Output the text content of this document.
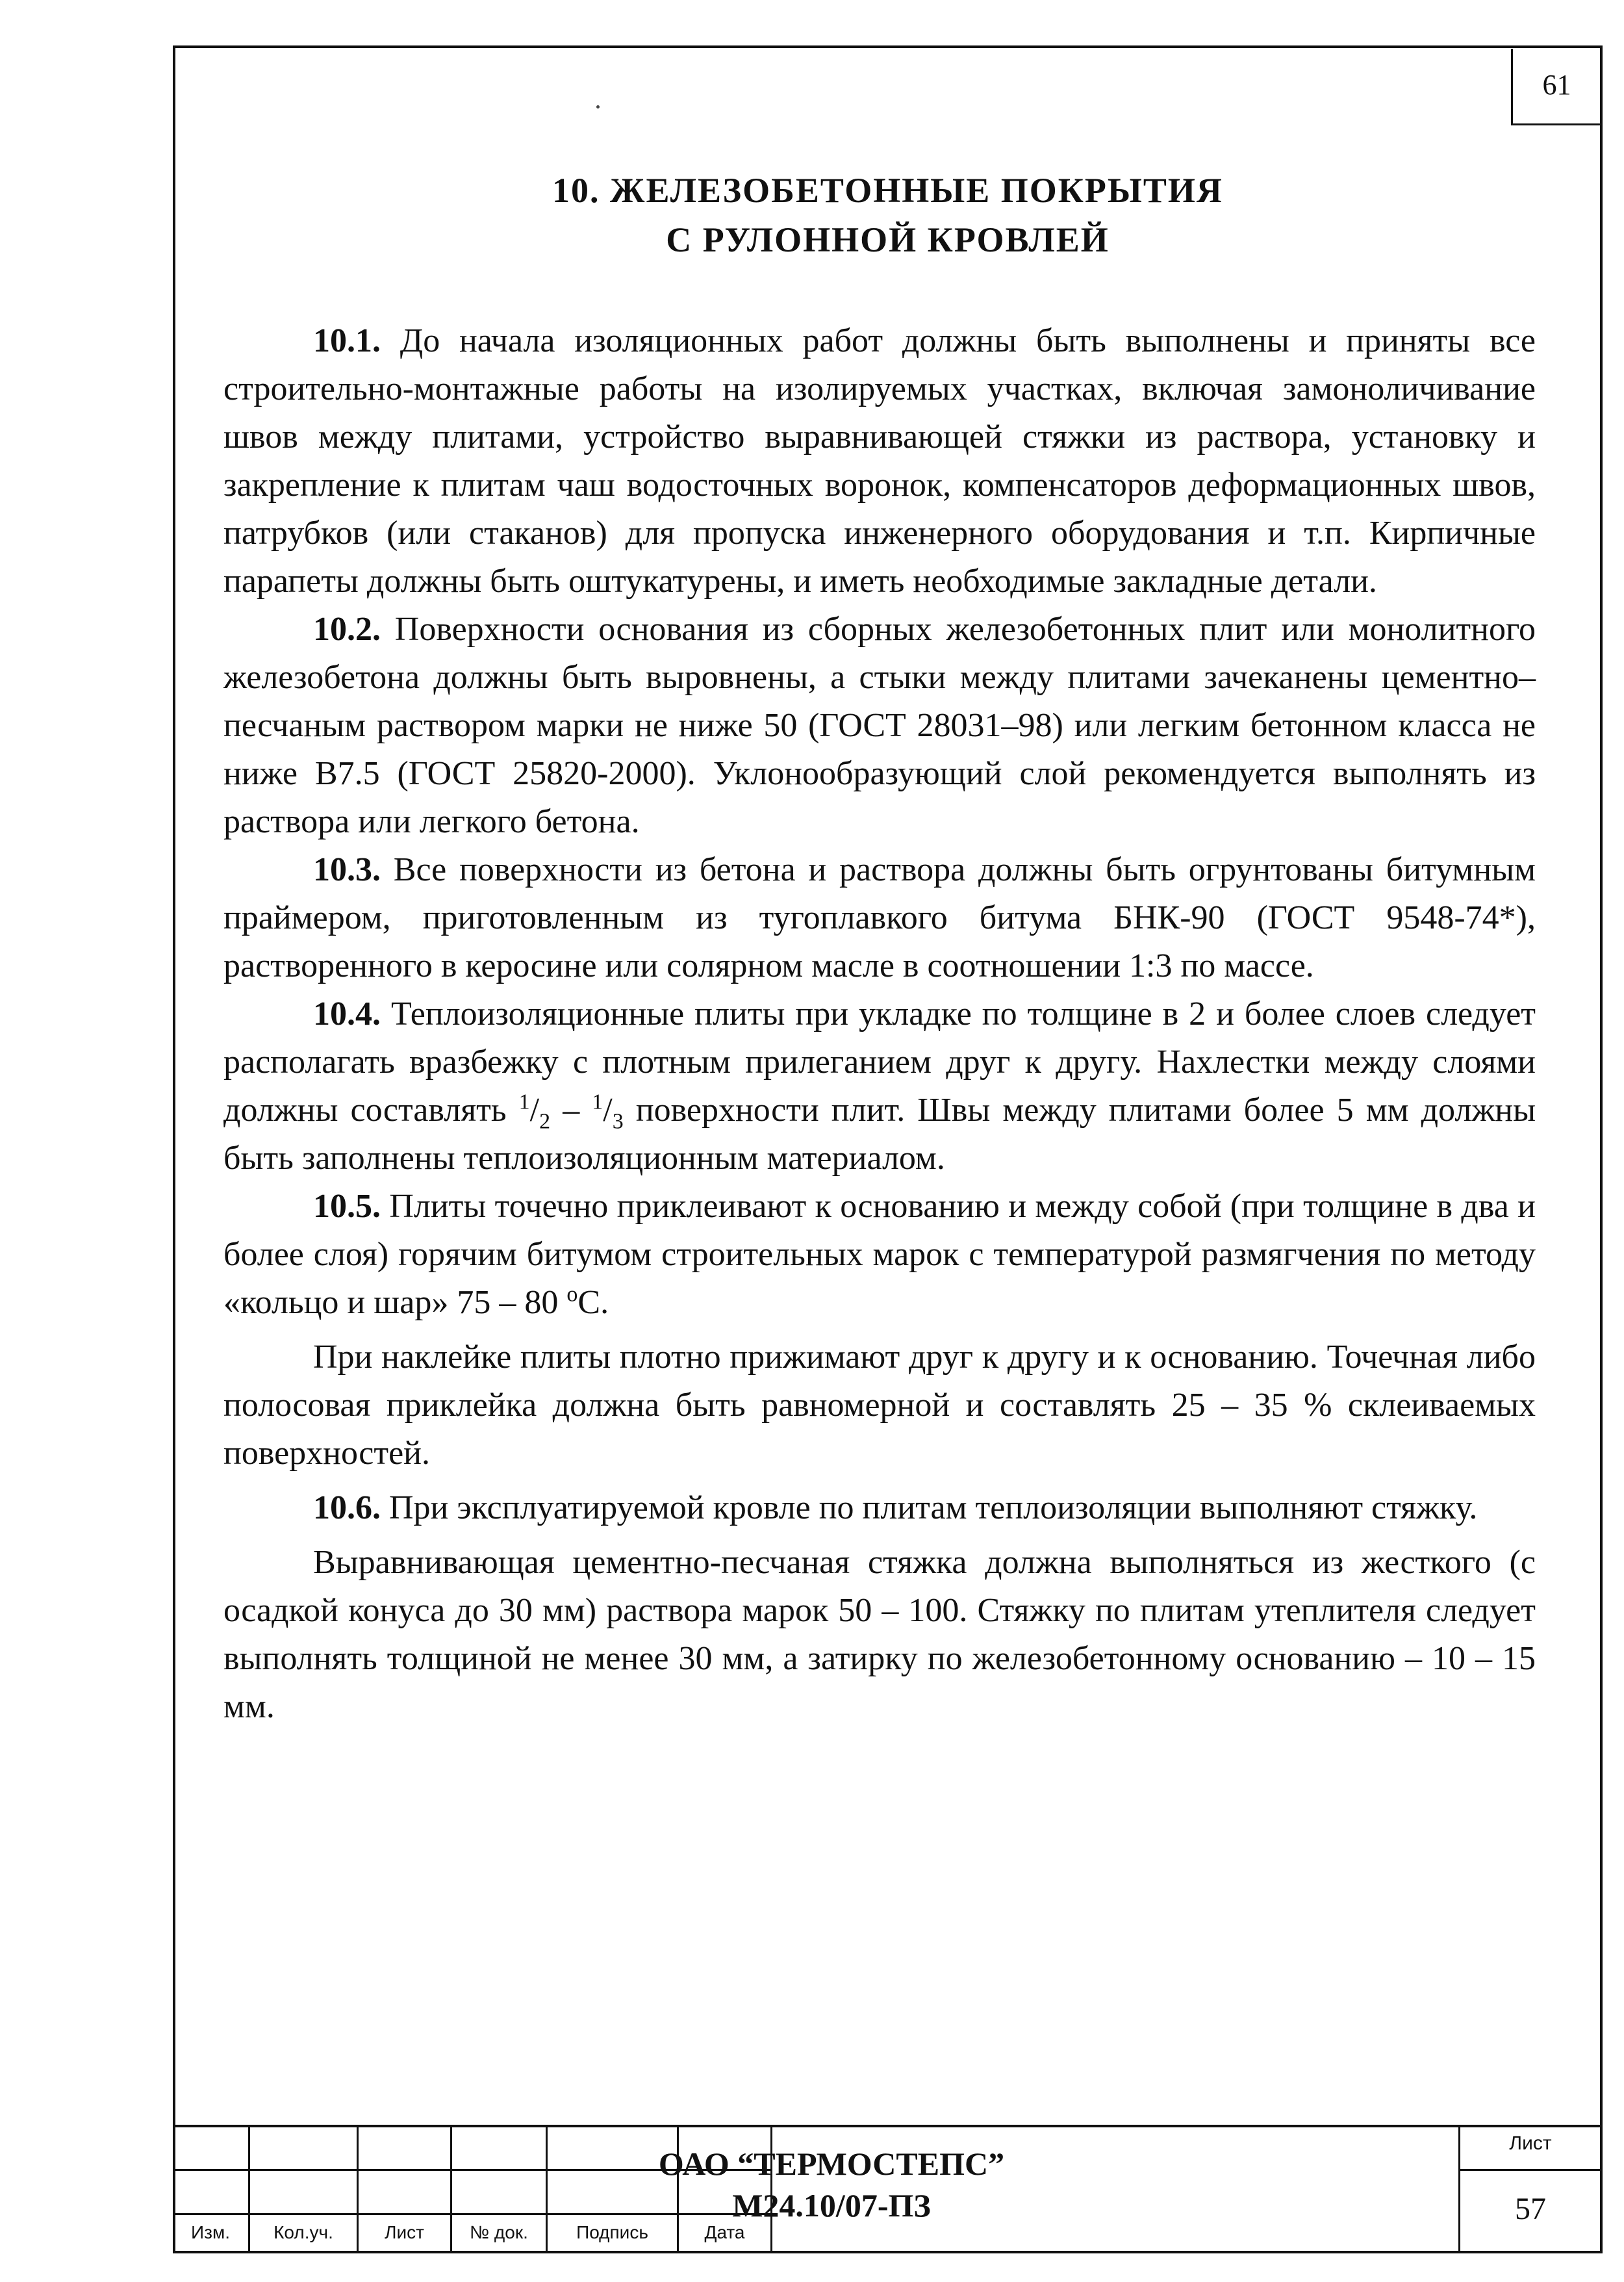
61
10. ЖЕЛЕЗОБЕТОННЫЕ ПОКРЫТИЯ
С РУЛОННОЙ КРОВЛЕЙ

10.1. До начала изоляционных работ должны быть выполнены и приняты все строительно-монтажные работы на изолируемых участках, включая замоноличивание швов между плитами, устройство выравнивающей стяжки из раствора, установку и закрепление к плитам чаш водосточных воронок, компенсаторов деформационных швов, патрубков (или стаканов) для пропуска инженерного оборудования и т.п. Кирпичные парапеты должны быть оштукатурены, и иметь необходимые закладные детали.

10.2. Поверхности основания из сборных железобетонных плит или монолитного железобетона должны быть выровнены, а стыки между плитами зачеканены цементно–песчаным раствором марки не ниже 50 (ГОСТ 28031–98) или легким бетонном класса не ниже В7.5 (ГОСТ 25820-2000). Уклонообразующий слой рекомендуется выполнять из раствора или легкого бетона.

10.3. Все поверхности из бетона и раствора должны быть огрунтованы битумным праймером, приготовленным из тугоплавкого битума БНК-90 (ГОСТ 9548-74*), растворенного в керосине или солярном масле в соотношении 1:3 по массе.

10.4. Теплоизоляционные плиты при укладке по толщине в 2 и более слоев следует располагать вразбежку с плотным прилеганием друг к другу. Нахлестки между слоями должны составлять $^1/_2 - ^1/_3$ поверхности плит. Швы между плитами более 5 мм должны быть заполнены теплоизоляционным материалом.

10.5. Плиты точечно приклеивают к основанию и между собой (при толщине в два и более слоя) горячим битумом строительных марок с температурой размягчения по методу «кольцо и шар» 75 – 80 $^o$С.

При наклейке плиты плотно прижимают друг к другу и к основанию. Точечная либо полосовая приклейка должна быть равномерной и составлять 25 – 35 % склеиваемых поверхностей.

10.6. При эксплуатируемой кровле по плитам теплоизоляции выполняют стяжку.

Выравнивающая цементно-песчаная стяжка должна выполняться из жесткого (с осадкой конуса до 30 мм) раствора марок 50 – 100. Стяжку по плитам утеплителя следует выполнять толщиной не менее 30 мм, а затирку по железобетонному основанию – 10 – 15 мм.

Изм.	Кол.уч.	Лист	№ док.	Подпись	Дата
ОАО “ТЕРМОСТЕПС”
М24.10/07-ПЗ
Лист
57
